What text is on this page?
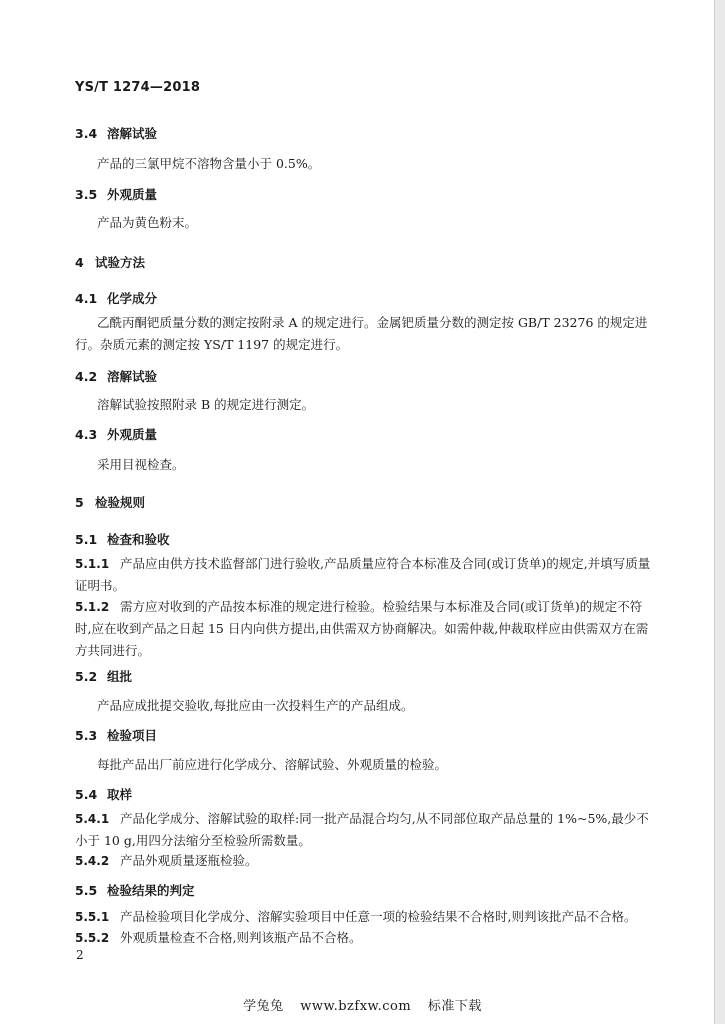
YS/T 1274—2018
3.4 溶解试验
产品的三氯甲烷不溶物含量小于 0.5%。
3.5 外观质量
产品为黄色粉末。
4 试验方法
4.1 化学成分
乙酰丙酮钯质量分数的测定按附录 A 的规定进行。金属钯质量分数的测定按 GB/T 23276 的规定进行。杂质元素的测定按 YS/T 1197 的规定进行。
4.2 溶解试验
溶解试验按照附录 B 的规定进行测定。
4.3 外观质量
采用目视检查。
5 检验规则
5.1 检查和验收
5.1.1 产品应由供方技术监督部门进行验收,产品质量应符合本标准及合同(或订货单)的规定,并填写质量证明书。
5.1.2 需方应对收到的产品按本标准的规定进行检验。检验结果与本标准及合同(或订货单)的规定不符时,应在收到产品之日起 15 日内向供方提出,由供需双方协商解决。如需仲裁,仲裁取样应由供需双方在需方共同进行。
5.2 组批
产品应成批提交验收,每批应由一次投料生产的产品组成。
5.3 检验项目
每批产品出厂前应进行化学成分、溶解试验、外观质量的检验。
5.4 取样
5.4.1 产品化学成分、溶解试验的取样:同一批产品混合均匀,从不同部位取产品总量的 1%~5%,最少不小于 10 g,用四分法缩分至检验所需数量。
5.4.2 产品外观质量逐瓶检验。
5.5 检验结果的判定
5.5.1 产品检验项目化学成分、溶解实验项目中任意一项的检验结果不合格时,则判该批产品不合格。
5.5.2 外观质量检查不合格,则判该瓶产品不合格。
2
学兔兔 www.bzfxw.com 标准下载
